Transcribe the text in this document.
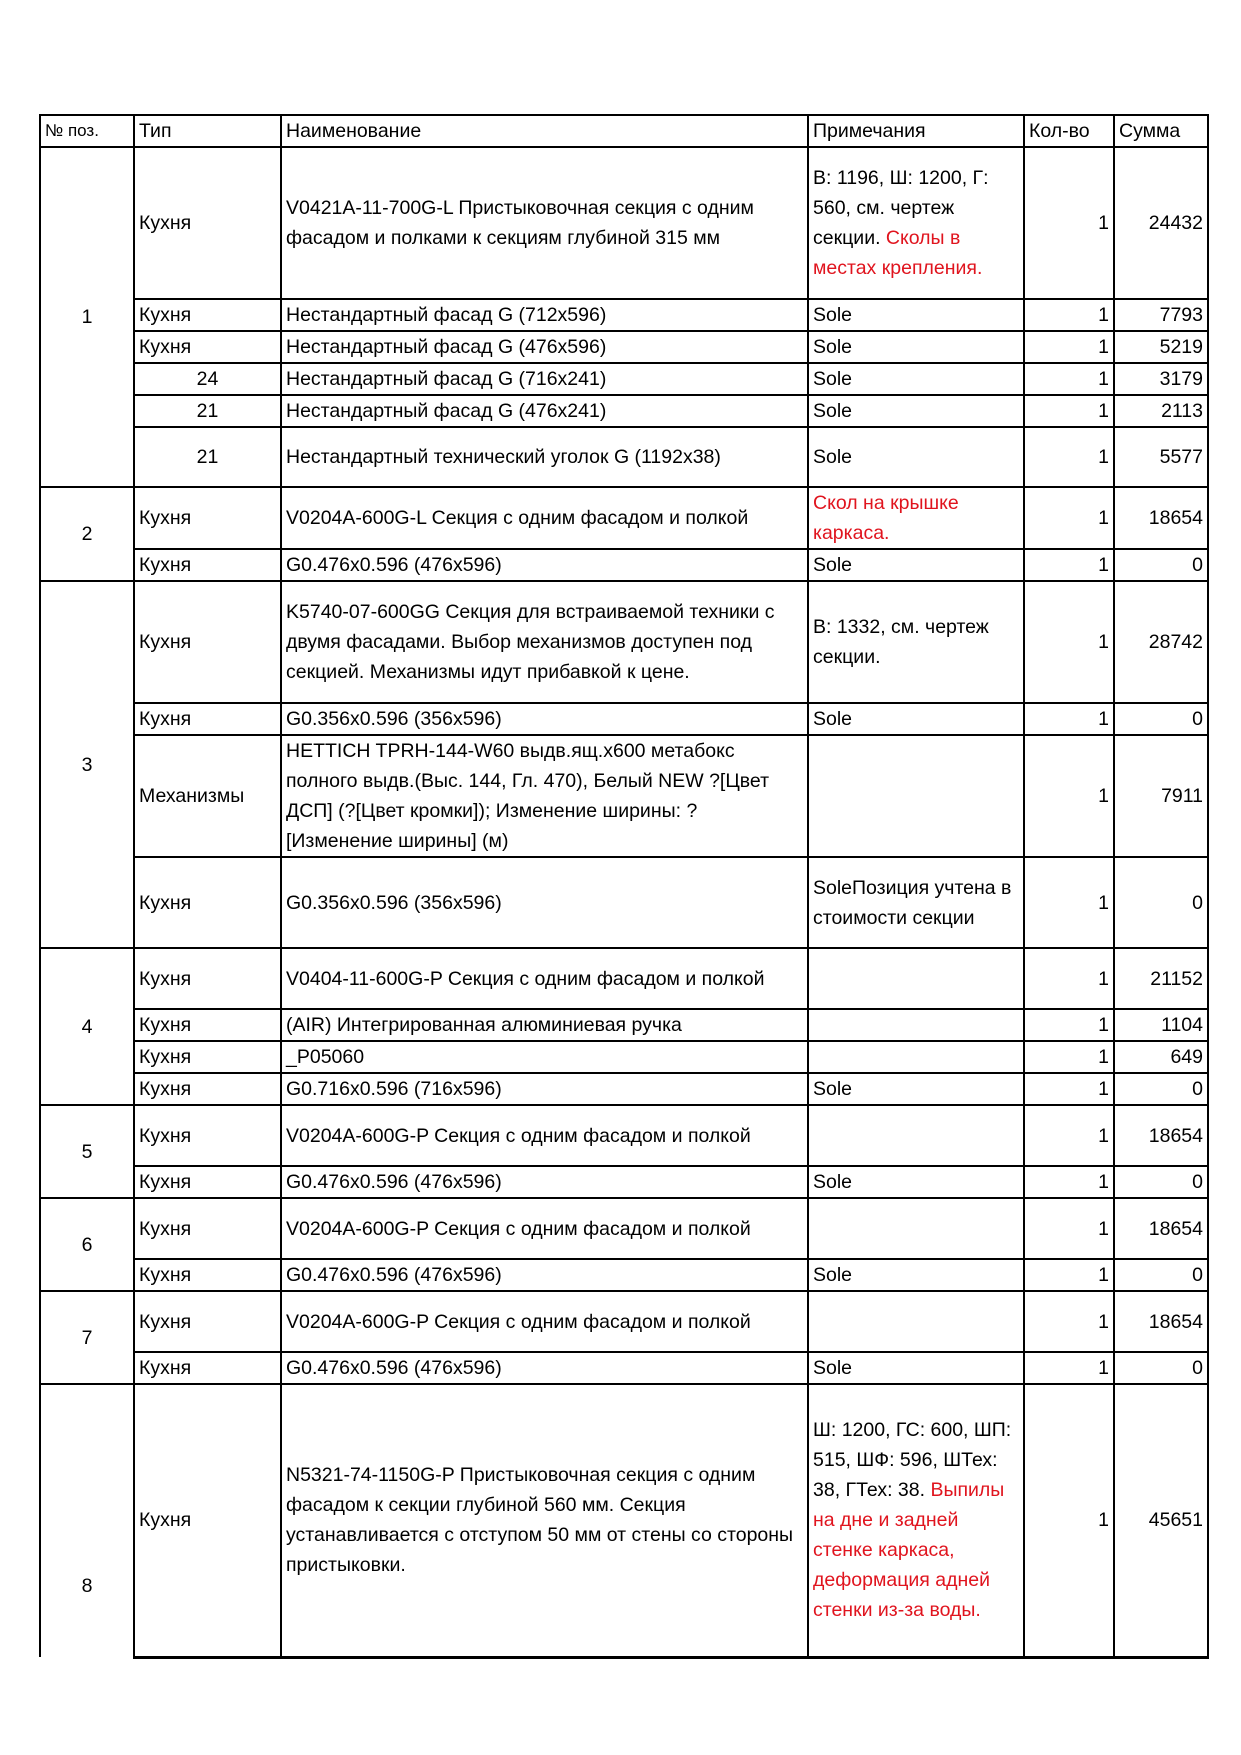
№ поз.	Тип	Наименование	Примечания	Кол-во	Сумма
1	Кухня	V0421A-11-700G-L Пристыковочная секция с одним фасадом и полками к секциям глубиной 315 мм	В: 1196, Ш: 1200, Г: 560, см. чертеж секции. Сколы в местах крепления.	1	24432
	Кухня	Нестандартный фасад G (712x596)	Sole	1	7793
	Кухня	Нестандартный фасад G (476x596)	Sole	1	5219
	24	Нестандартный фасад G (716x241)	Sole	1	3179
	21	Нестандартный фасад G (476x241)	Sole	1	2113
	21	Нестандартный технический уголок G (1192x38)	Sole	1	5577
2	Кухня	V0204A-600G-L Секция с одним фасадом и полкой	Скол на крышке каркаса.	1	18654
	Кухня	G0.476x0.596 (476x596)	Sole	1	0
3	Кухня	K5740-07-600GG Секция для встраиваемой техники с двумя фасадами. Выбор механизмов доступен под секцией. Механизмы идут прибавкой к цене.	В: 1332, см. чертеж секции.	1	28742
	Кухня	G0.356x0.596 (356x596)	Sole	1	0
	Механизмы	HETTICH TPRH-144-W60 выдв.ящ.x600 метабокс полного выдв.(Выс. 144, Гл. 470), Белый NEW ?[Цвет ДСП] (?[Цвет кромки]); Изменение ширины: ?[Изменение ширины] (м)		1	7911
	Кухня	G0.356x0.596 (356x596)	SoleПозиция учтена в стоимости секции	1	0
4	Кухня	V0404-11-600G-P Секция с одним фасадом и полкой		1	21152
	Кухня	(AIR) Интегрированная алюминиевая ручка		1	1104
	Кухня	_P05060		1	649
	Кухня	G0.716x0.596 (716x596)	Sole	1	0
5	Кухня	V0204A-600G-P Секция с одним фасадом и полкой		1	18654
	Кухня	G0.476x0.596 (476x596)	Sole	1	0
6	Кухня	V0204A-600G-P Секция с одним фасадом и полкой		1	18654
	Кухня	G0.476x0.596 (476x596)	Sole	1	0
7	Кухня	V0204A-600G-P Секция с одним фасадом и полкой		1	18654
	Кухня	G0.476x0.596 (476x596)	Sole	1	0
8	Кухня	N5321-74-1150G-P Пристыковочная секция с одним фасадом к секции глубиной 560 мм. Секция устанавливается с отступом 50 мм от стены со стороны пристыковки.	Ш: 1200, ГС: 600, ШП: 515, ШФ: 596, ШТех: 38, ГТех: 38. Выпилы на дне и задней стенке каркаса, деформация адней стенки из-за воды.	1	45651
